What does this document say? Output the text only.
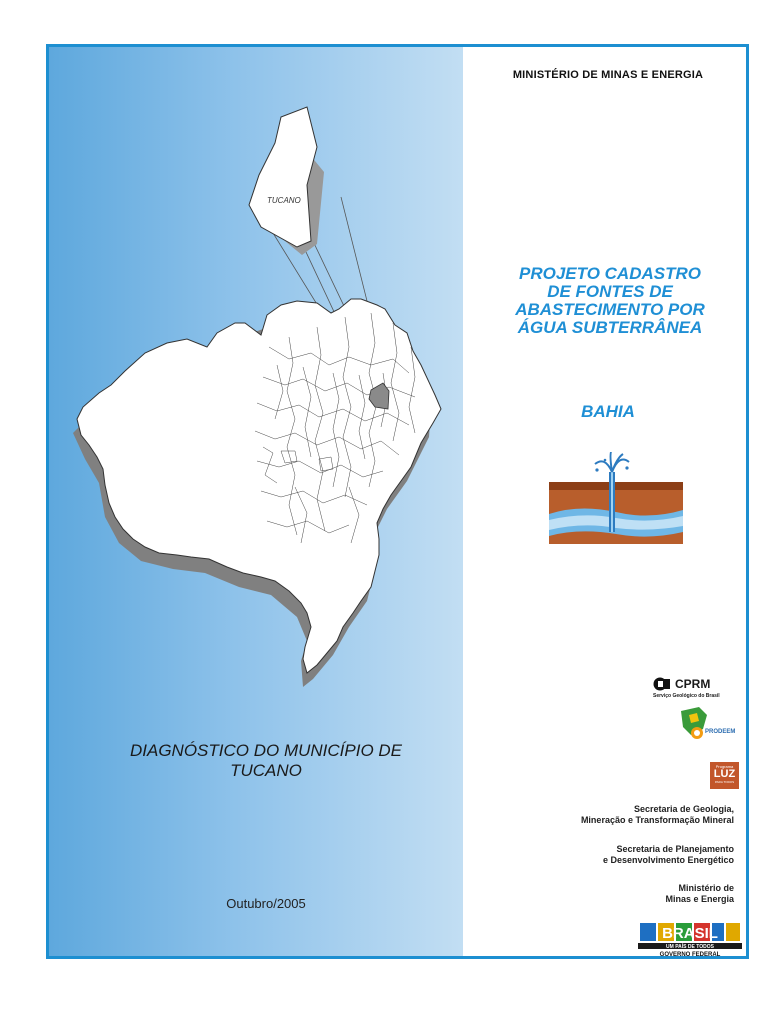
TUCANO
MINISTÉRIO DE MINAS E ENERGIA
PROJETO CADASTRO
DE FONTES DE
ABASTECIMENTO POR
ÁGUA SUBTERRÂNEA
BAHIA
DIAGNÓSTICO DO MUNICÍPIO DE
TUCANO
Outubro/2005
CPRM
Serviço Geológico do Brasil
PRODEEM
Programa
LUZ
PARA TODOS
Secretaria de Geologia,
Mineração e Transformação Mineral
Secretaria de Planejamento
e Desenvolvimento Energético
Ministério de
Minas e Energia
BRASIL
UM PAÍS DE TODOS
GOVERNO FEDERAL
